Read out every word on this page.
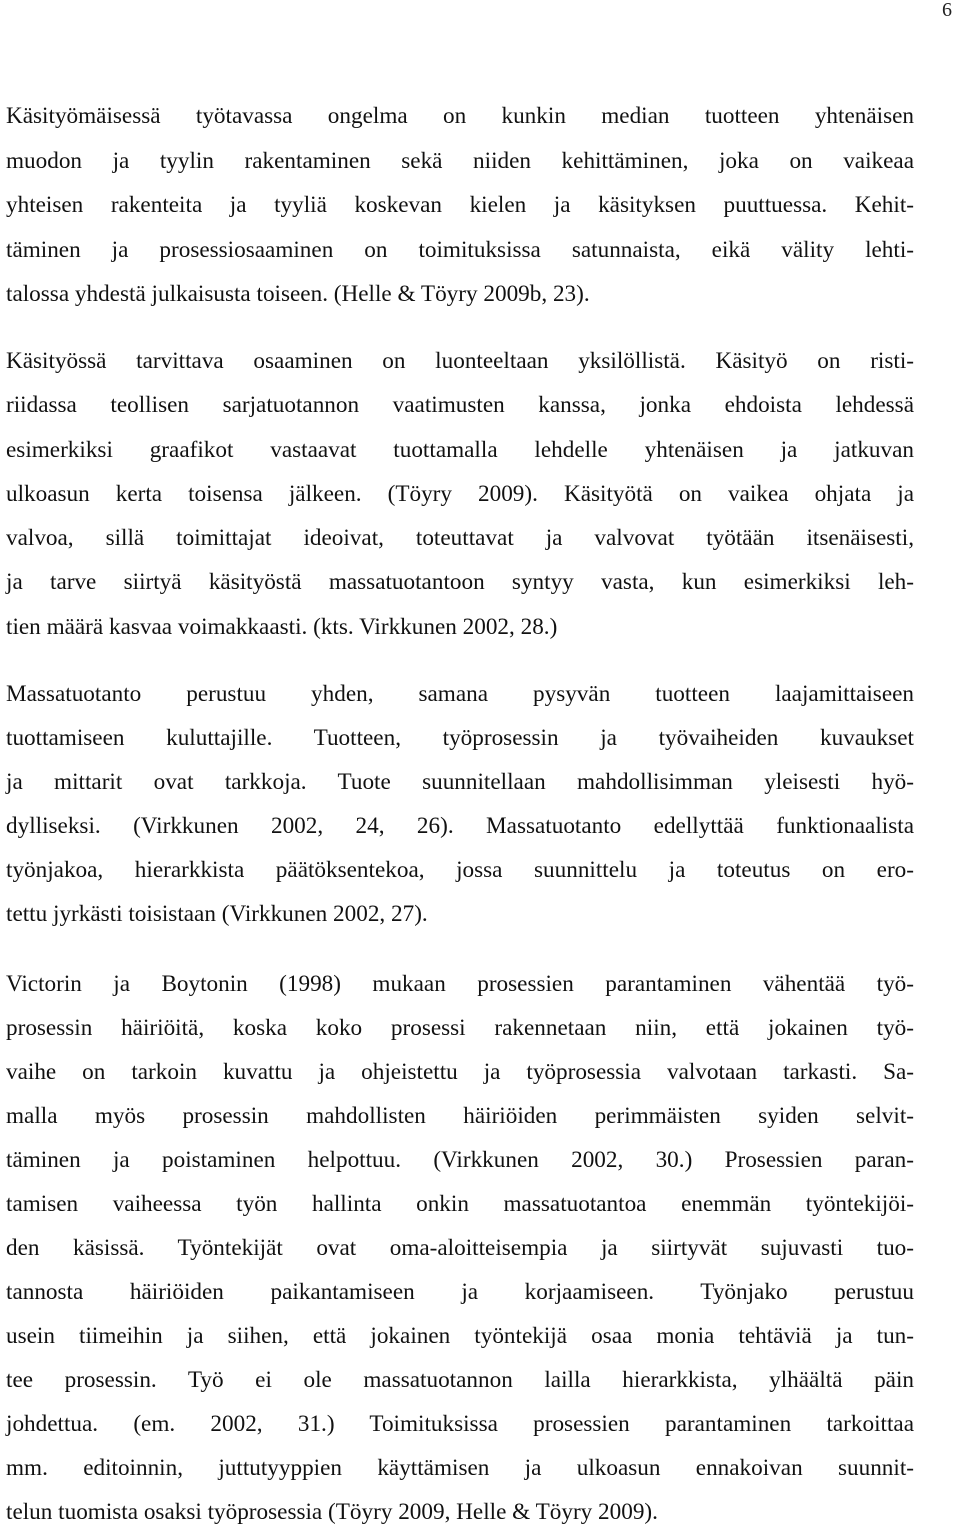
6
Käsityömäisessä työtavassa ongelma on kunkin median tuotteen yhtenäisen
muodon ja tyylin rakentaminen sekä niiden kehittäminen, joka on vaikeaa
yhteisen rakenteita ja tyyliä koskevan kielen ja käsityksen puuttuessa. Kehit-
täminen ja prosessiosaaminen on toimituksissa satunnaista, eikä välity lehti-
talossa yhdestä julkaisusta toiseen. (Helle & Töyry 2009b, 23).
Käsityössä tarvittava osaaminen on luonteeltaan yksilöllistä. Käsityö on risti-
riidassa teollisen sarjatuotannon vaatimusten kanssa, jonka ehdoista lehdessä
esimerkiksi graafikot vastaavat tuottamalla lehdelle yhtenäisen ja jatkuvan
ulkoasun kerta toisensa jälkeen. (Töyry 2009). Käsityötä on vaikea ohjata ja
valvoa, sillä toimittajat ideoivat, toteuttavat ja valvovat työtään itsenäisesti,
ja tarve siirtyä käsityöstä massatuotantoon syntyy vasta, kun esimerkiksi leh-
tien määrä kasvaa voimakkaasti. (kts. Virkkunen 2002, 28.)
Massatuotanto perustuu yhden, samana pysyvän tuotteen laajamittaiseen
tuottamiseen kuluttajille. Tuotteen, työprosessin ja työvaiheiden kuvaukset
ja mittarit ovat tarkkoja. Tuote suunnitellaan mahdollisimman yleisesti hyö-
dylliseksi. (Virkkunen 2002, 24, 26). Massatuotanto edellyttää funktionaalista
työnjakoa, hierarkkista päätöksentekoa, jossa suunnittelu ja toteutus on ero-
tettu jyrkästi toisistaan (Virkkunen 2002, 27).
Victorin ja Boytonin (1998) mukaan prosessien parantaminen vähentää työ-
prosessin häiriöitä, koska koko prosessi rakennetaan niin, että jokainen työ-
vaihe on tarkoin kuvattu ja ohjeistettu ja työprosessia valvotaan tarkasti. Sa-
malla myös prosessin mahdollisten häiriöiden perimmäisten syiden selvit-
täminen ja poistaminen helpottuu. (Virkkunen 2002, 30.) Prosessien paran-
tamisen vaiheessa työn hallinta onkin massatuotantoa enemmän työntekijöi-
den käsissä. Työntekijät ovat oma-aloitteisempia ja siirtyvät sujuvasti tuo-
tannosta häiriöiden paikantamiseen ja korjaamiseen. Työnjako perustuu
usein tiimeihin ja siihen, että jokainen työntekijä osaa monia tehtäviä ja tun-
tee prosessin. Työ ei ole massatuotannon lailla hierarkkista, ylhäältä päin
johdettua. (em. 2002, 31.) Toimituksissa prosessien parantaminen tarkoittaa
mm. editoinnin, juttutyyppien käyttämisen ja ulkoasun ennakoivan suunnit-
telun tuomista osaksi työprosessia (Töyry 2009, Helle & Töyry 2009).
